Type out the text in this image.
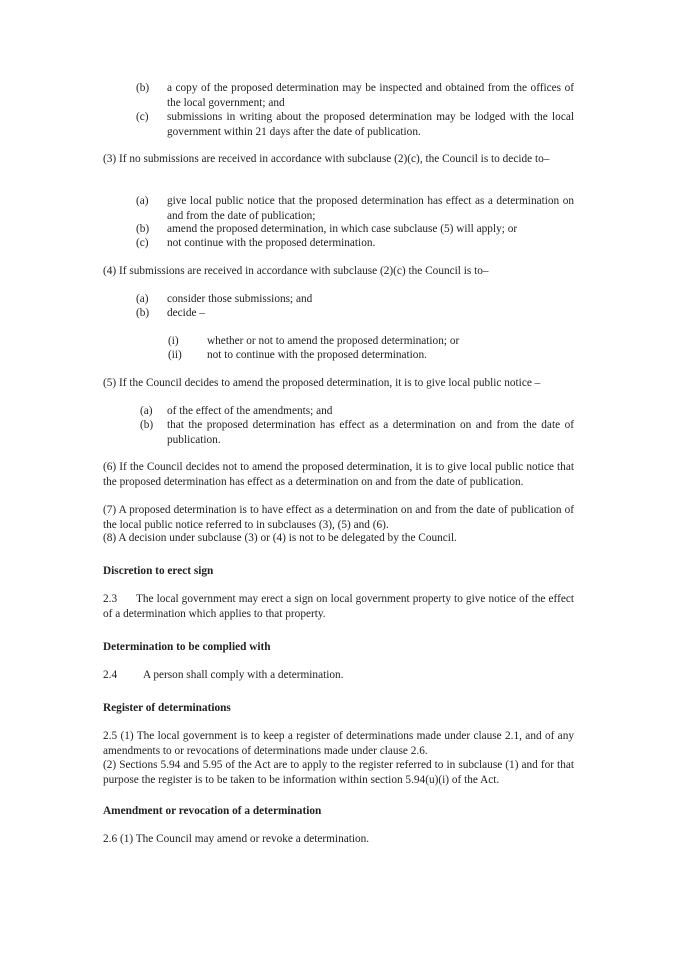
(b) a copy of the proposed determination may be inspected and obtained from the offices of the local government; and
(c) submissions in writing about the proposed determination may be lodged with the local government within 21 days after the date of publication.
(3) If no submissions are received in accordance with subclause (2)(c), the Council is to decide to–
(a) give local public notice that the proposed determination has effect as a determination on and from the date of publication;
(b) amend the proposed determination, in which case subclause (5) will apply; or
(c) not continue with the proposed determination.
(4) If submissions are received in accordance with subclause (2)(c) the Council is to–
(a) consider those submissions; and
(b) decide –
(i)	whether or not to amend the proposed determination; or
(ii) not to continue with the proposed determination.
(5) If the Council decides to amend the proposed determination, it is to give local public notice –
(a) of the effect of the amendments; and
(b) that the proposed determination has effect as a determination on and from the date of publication.
(6) If the Council decides not to amend the proposed determination, it is to give local public notice that the proposed determination has effect as a determination on and from the date of publication.
(7) A proposed determination is to have effect as a determination on and from the date of publication of the local public notice referred to in subclauses (3), (5) and (6).
(8) A decision under subclause (3) or (4) is not to be delegated by the Council.
Discretion to erect sign
2.3	The local government may erect a sign on local government property to give notice of the effect of a determination which applies to that property.
Determination to be complied with
2.4 A person shall comply with a determination.
Register of determinations
2.5 (1) The local government is to keep a register of determinations made under clause 2.1, and of any amendments to or revocations of determinations made under clause 2.6.
(2) Sections 5.94 and 5.95 of the Act are to apply to the register referred to in subclause (1) and for that purpose the register is to be taken to be information within section 5.94(u)(i) of the Act.
Amendment or revocation of a determination
2.6 (1) The Council may amend or revoke a determination.
